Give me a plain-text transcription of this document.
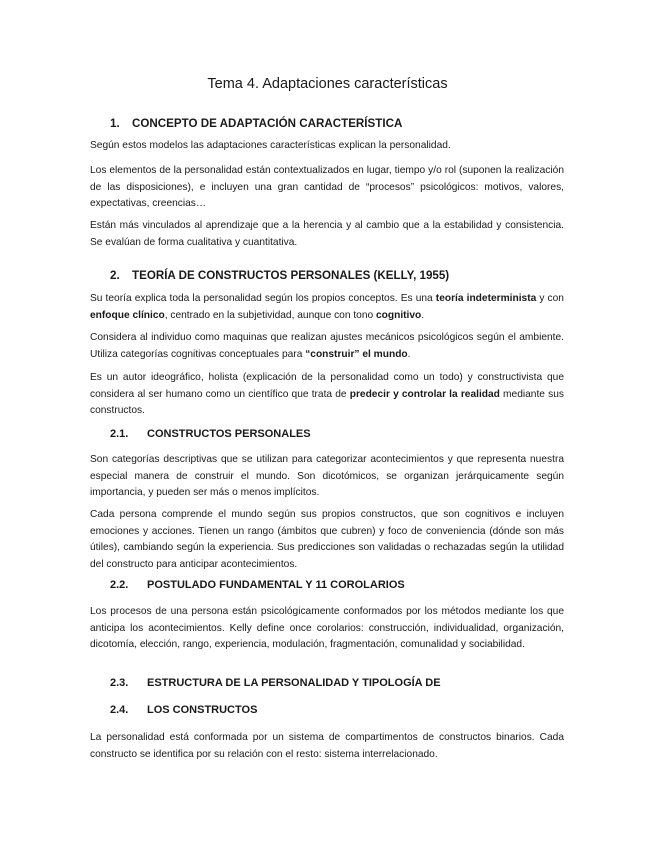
Tema 4. Adaptaciones características
1. CONCEPTO DE ADAPTACIÓN CARACTERÍSTICA

Según estos modelos las adaptaciones características explican la personalidad.

Los elementos de la personalidad están contextualizados en lugar, tiempo y/o rol (suponen la realización de las disposiciones), e incluyen una gran cantidad de “procesos” psicológicos: motivos, valores, expectativas, creencias…

Están más vinculados al aprendizaje que a la herencia y al cambio que a la estabilidad y consistencia. Se evalúan de forma cualitativa y cuantitativa.

2. TEORÍA DE CONSTRUCTOS PERSONALES (KELLY, 1955)

Su teoría explica toda la personalidad según los propios conceptos. Es una teoría indeterminista y con enfoque clínico, centrado en la subjetividad, aunque con tono cognitivo.

Considera al individuo como maquinas que realizan ajustes mecánicos psicológicos según el ambiente. Utiliza categorías cognitivas conceptuales para “construir” el mundo.

Es un autor ideográfico, holista (explicación de la personalidad como un todo) y constructivista que considera al ser humano como un científico que trata de predecir y controlar la realidad mediante sus constructos.

2.1. CONSTRUCTOS PERSONALES

Son categorías descriptivas que se utilizan para categorizar acontecimientos y que representa nuestra especial manera de construir el mundo. Son dicotómicos, se organizan jerárquicamente según importancia, y pueden ser más o menos implícitos.

Cada persona comprende el mundo según sus propios constructos, que son cognitivos e incluyen emociones y acciones. Tienen un rango (ámbitos que cubren) y foco de conveniencia (dónde son más útiles), cambiando según la experiencia. Sus predicciones son validadas o rechazadas según la utilidad del constructo para anticipar acontecimientos.

2.2. POSTULADO FUNDAMENTAL Y 11 COROLARIOS

Los procesos de una persona están psicológicamente conformados por los métodos mediante los que anticipa los acontecimientos. Kelly define once corolarios: construcción, individualidad, organización, dicotomía, elección, rango, experiencia, modulación, fragmentación, comunalidad y sociabilidad.

2.3. ESTRUCTURA DE LA PERSONALIDAD Y TIPOLOGÍA DE
2.4. LOS CONSTRUCTOS

La personalidad está conformada por un sistema de compartimentos de constructos binarios. Cada constructo se identifica por su relación con el resto: sistema interrelacionado.
